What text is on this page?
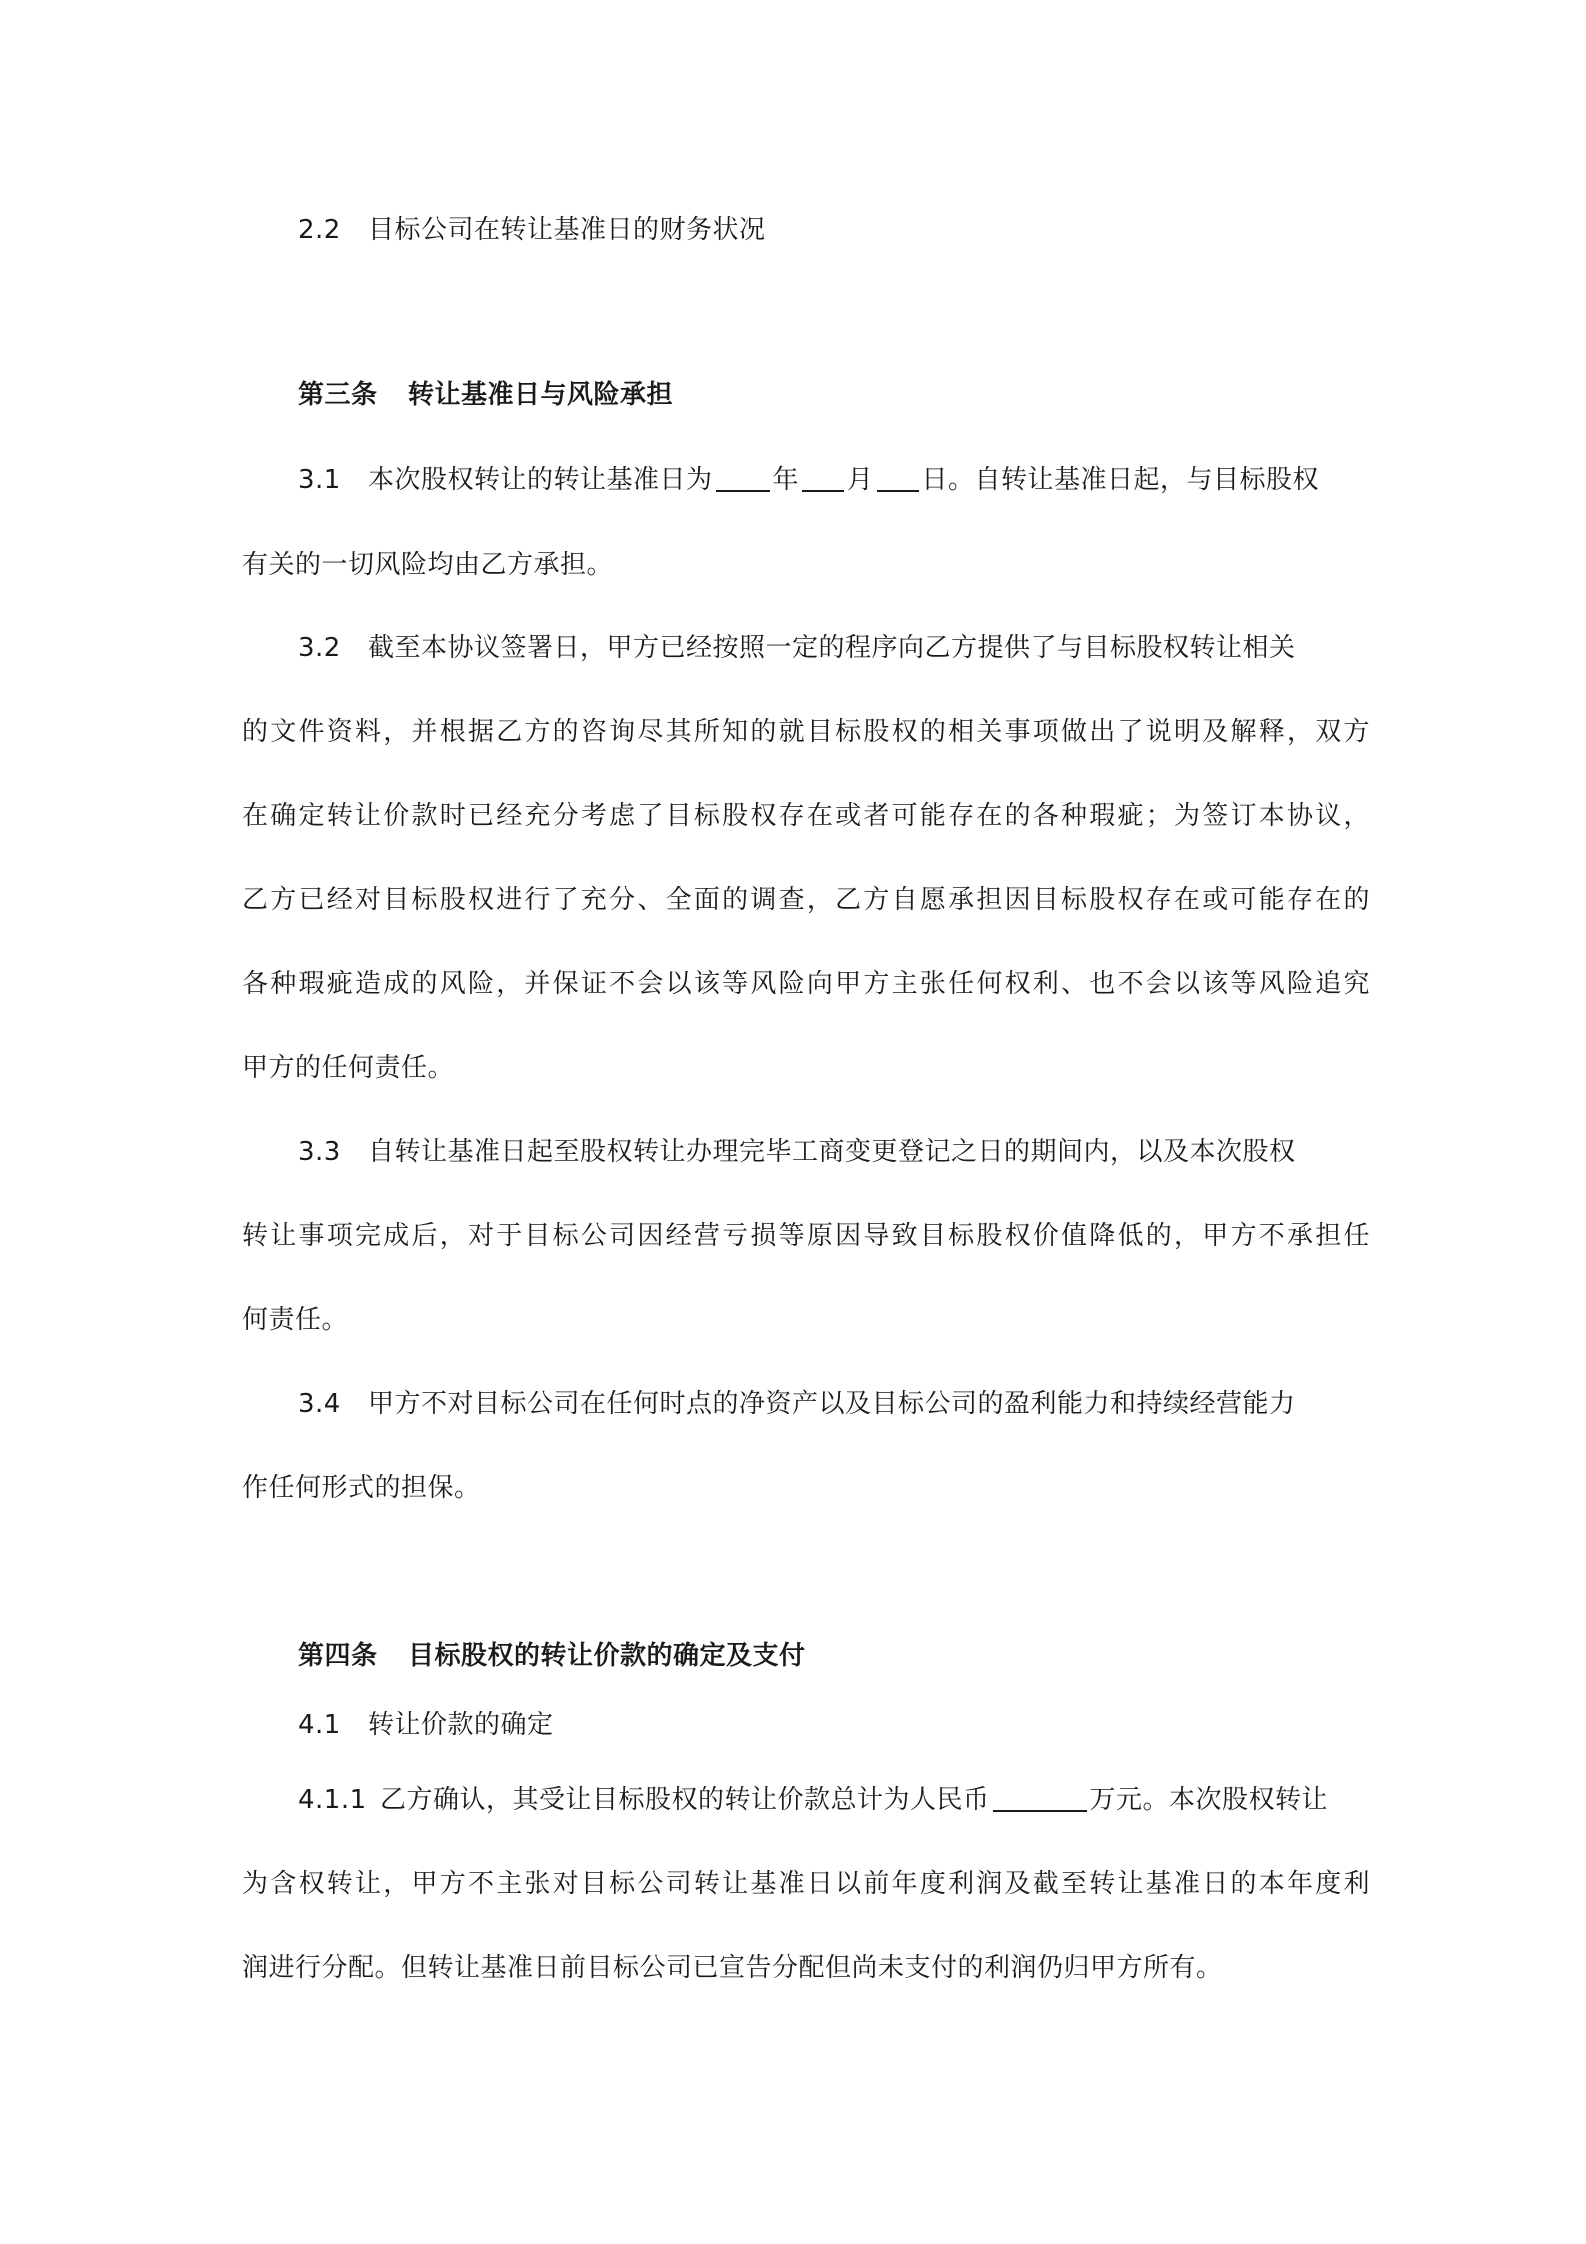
2.2 目标公司在转让基准日的财务状况
第三条 转让基准日与风险承担
3.1 本次股权转让的转让基准日为 年 月 日。自转让基准日起，与目标股权
有关的一切风险均由乙方承担。
3.2 截至本协议签署日，甲方已经按照一定的程序向乙方提供了与目标股权转让相关
的文件资料，并根据乙方的咨询尽其所知的就目标股权的相关事项做出了说明及解释，双方
在确定转让价款时已经充分考虑了目标股权存在或者可能存在的各种瑕疵；为签订本协议，
乙方已经对目标股权进行了充分、全面的调查，乙方自愿承担因目标股权存在或可能存在的
各种瑕疵造成的风险，并保证不会以该等风险向甲方主张任何权利、也不会以该等风险追究
甲方的任何责任。
3.3 自转让基准日起至股权转让办理完毕工商变更登记之日的期间内，以及本次股权
转让事项完成后，对于目标公司因经营亏损等原因导致目标股权价值降低的，甲方不承担任
何责任。
3.4 甲方不对目标公司在任何时点的净资产以及目标公司的盈利能力和持续经营能力
作任何形式的担保。
第四条 目标股权的转让价款的确定及支付
4.1 转让价款的确定
4.1.1 乙方确认，其受让目标股权的转让价款总计为人民币	万元。本次股权转让
为含权转让，甲方不主张对目标公司转让基准日以前年度利润及截至转让基准日的本年度利
润进行分配。但转让基准日前目标公司已宣告分配但尚未支付的利润仍归甲方所有。
